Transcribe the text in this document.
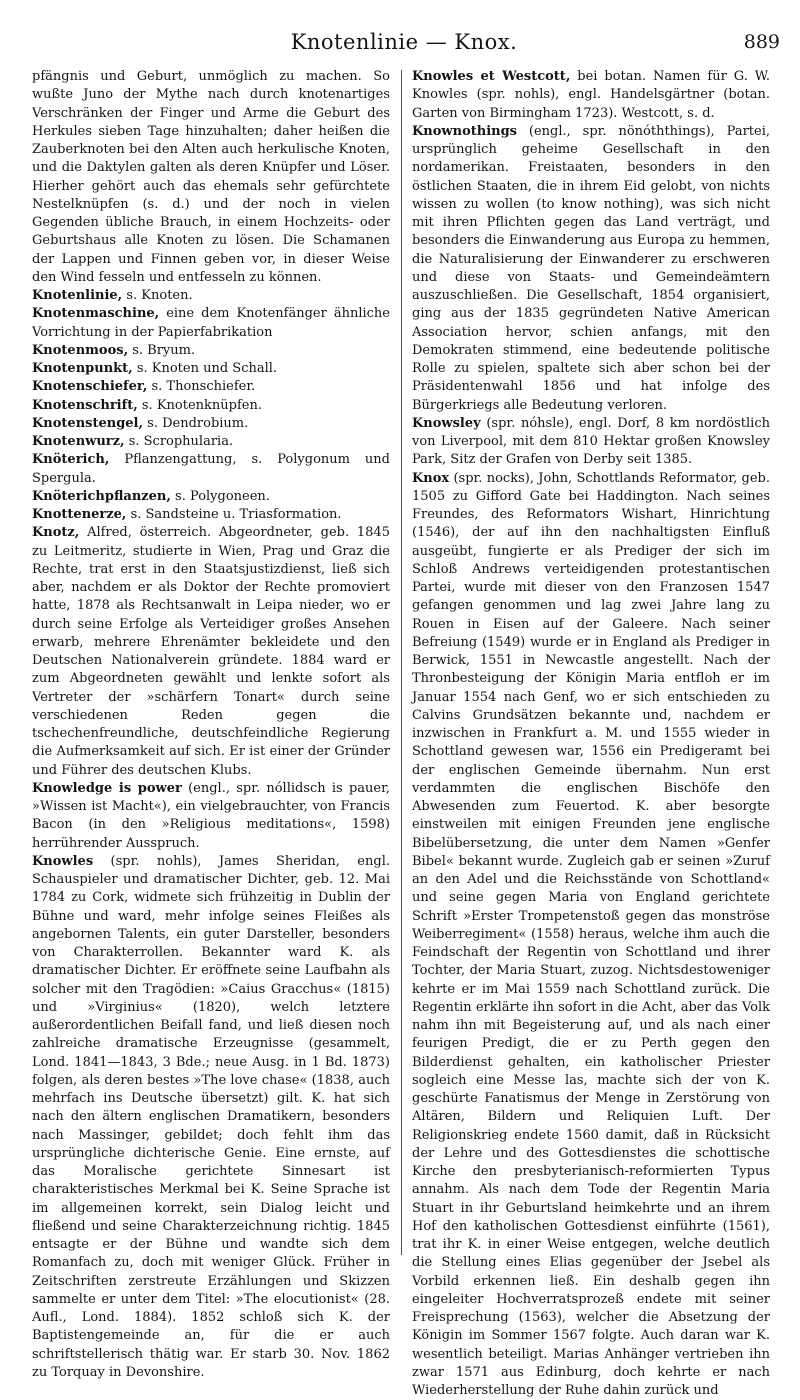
Knotenlinie — Knox.	889

pfängnis und Geburt, unmöglich zu machen. So wußte Juno der Mythe nach durch knotenartiges Verschränken der Finger und Arme die Geburt des Herkules sieben Tage hinzuhalten; daher heißen die Zauberknoten bei den Alten auch herkulische Knoten, und die Daktylen galten als deren Knüpfer und Löser. Hierher gehört auch das ehemals sehr gefürchtete Nestelknüpfen (s. d.) und der noch in vielen Gegenden übliche Brauch, in einem Hochzeits- oder Geburtshaus alle Knoten zu lösen. Die Schamanen der Lappen und Finnen geben vor, in dieser Weise den Wind fesseln und entfesseln zu können.

Knotenlinie, s. Knoten.

Knotenmaschine, eine dem Knotenfänger ähnliche Vorrichtung in der Papierfabrikation

Knotenmoos, s. Bryum.

Knotenpunkt, s. Knoten und Schall.

Knotenschiefer, s. Thonschiefer.

Knotenschrift, s. Knotenknüpfen.

Knotenstengel, s. Dendrobium.

Knotenwurz, s. Scrophularia.

Knöterich, Pflanzengattung, s. Polygonum und Spergula.

Knöterichpflanzen, s. Polygoneen.

Knottenerze, s. Sandsteine u. Triasformation.

Knotz, Alfred, österreich. Abgeordneter, geb. 1845 zu Leitmeritz, studierte in Wien, Prag und Graz die Rechte, trat erst in den Staatsjustizdienst, ließ sich aber, nachdem er als Doktor der Rechte promoviert hatte, 1878 als Rechtsanwalt in Leipa nieder, wo er durch seine Erfolge als Verteidiger großes Ansehen erwarb, mehrere Ehrenämter bekleidete und den Deutschen Nationalverein gründete. 1884 ward er zum Abgeordneten gewählt und lenkte sofort als Vertreter der »schärfern Tonart« durch seine verschiedenen Reden gegen die tschechenfreundliche, deutschfeindliche Regierung die Aufmerksamkeit auf sich. Er ist einer der Gründer und Führer des deutschen Klubs.

Knowledge is power (engl., spr. nóllidsch is pauer, »Wissen ist Macht«), ein vielgebrauchter, von Francis Bacon (in den »Religious meditations«, 1598) herrührender Ausspruch.

Knowles (spr. nohls), James Sheridan, engl. Schauspieler und dramatischer Dichter, geb. 12. Mai 1784 zu Cork, widmete sich frühzeitig in Dublin der Bühne und ward, mehr infolge seines Fleißes als angebornen Talents, ein guter Darsteller, besonders von Charakterrollen. Bekannter ward K. als dramatischer Dichter. Er eröffnete seine Laufbahn als solcher mit den Tragödien: »Caius Gracchus« (1815) und »Virginius« (1820), welch letztere außerordentlichen Beifall fand, und ließ diesen noch zahlreiche dramatische Erzeugnisse (gesammelt, Lond. 1841—1843, 3 Bde.; neue Ausg. in 1 Bd. 1873) folgen, als deren bestes »The love chase« (1838, auch mehrfach ins Deutsche übersetzt) gilt. K. hat sich nach den ältern englischen Dramatikern, besonders nach Massinger, gebildet; doch fehlt ihm das ursprüngliche dichterische Genie. Eine ernste, auf das Moralische gerichtete Sinnesart ist charakteristisches Merkmal bei K. Seine Sprache ist im allgemeinen korrekt, sein Dialog leicht und fließend und seine Charakterzeichnung richtig. 1845 entsagte er der Bühne und wandte sich dem Romanfach zu, doch mit weniger Glück. Früher in Zeitschriften zerstreute Erzählungen und Skizzen sammelte er unter dem Titel: »The elocutionist« (28. Aufl., Lond. 1884). 1852 schloß sich K. der Baptistengemeinde an, für die er auch schriftstellerisch thätig war. Er starb 30. Nov. 1862 zu Torquay in Devonshire.

Knowles et Westcott, bei botan. Namen für G. W. Knowles (spr. nohls), engl. Handelsgärtner (botan. Garten von Birmingham 1723). Westcott, s. d.

Knownothings (engl., spr. nönóththings), Partei, ursprünglich geheime Gesellschaft in den nordamerikan. Freistaaten, besonders in den östlichen Staaten, die in ihrem Eid gelobt, von nichts wissen zu wollen (to know nothing), was sich nicht mit ihren Pflichten gegen das Land verträgt, und besonders die Einwanderung aus Europa zu hemmen, die Naturalisierung der Einwanderer zu erschweren und diese von Staats- und Gemeindeämtern auszuschließen. Die Gesellschaft, 1854 organisiert, ging aus der 1835 gegründeten Native American Association hervor, schien anfangs, mit den Demokraten stimmend, eine bedeutende politische Rolle zu spielen, spaltete sich aber schon bei der Präsidentenwahl 1856 und hat infolge des Bürgerkriegs alle Bedeutung verloren.

Knowsley (spr. nóhsle), engl. Dorf, 8 km nordöstlich von Liverpool, mit dem 810 Hektar großen Knowsley Park, Sitz der Grafen von Derby seit 1385.

Knox (spr. nocks), John, Schottlands Reformator, geb. 1505 zu Gifford Gate bei Haddington. Nach seines Freundes, des Reformators Wishart, Hinrichtung (1546), der auf ihn den nachhaltigsten Einfluß ausgeübt, fungierte er als Prediger der sich im Schloß Andrews verteidigenden protestantischen Partei, wurde mit dieser von den Franzosen 1547 gefangen genommen und lag zwei Jahre lang zu Rouen in Eisen auf der Galeere. Nach seiner Befreiung (1549) wurde er in England als Prediger in Berwick, 1551 in Newcastle angestellt. Nach der Thronbesteigung der Königin Maria entfloh er im Januar 1554 nach Genf, wo er sich entschieden zu Calvins Grundsätzen bekannte und, nachdem er inzwischen in Frankfurt a. M. und 1555 wieder in Schottland gewesen war, 1556 ein Predigeramt bei der englischen Gemeinde übernahm. Nun erst verdammten die englischen Bischöfe den Abwesenden zum Feuertod. K. aber besorgte einstweilen mit einigen Freunden jene englische Bibelübersetzung, die unter dem Namen »Genfer Bibel« bekannt wurde. Zugleich gab er seinen »Zuruf an den Adel und die Reichsstände von Schottland« und seine gegen Maria von England gerichtete Schrift »Erster Trompetenstoß gegen das monströse Weiberregiment« (1558) heraus, welche ihm auch die Feindschaft der Regentin von Schottland und ihrer Tochter, der Maria Stuart, zuzog. Nichtsdestoweniger kehrte er im Mai 1559 nach Schottland zurück. Die Regentin erklärte ihn sofort in die Acht, aber das Volk nahm ihn mit Begeisterung auf, und als nach einer feurigen Predigt, die er zu Perth gegen den Bilderdienst gehalten, ein katholischer Priester sogleich eine Messe las, machte sich der von K. geschürte Fanatismus der Menge in Zerstörung von Altären, Bildern und Reliquien Luft. Der Religionskrieg endete 1560 damit, daß in Rücksicht der Lehre und des Gottesdienstes die schottische Kirche den presbyterianisch-reformierten Typus annahm. Als nach dem Tode der Regentin Maria Stuart in ihr Geburtsland heimkehrte und an ihrem Hof den katholischen Gottesdienst einführte (1561), trat ihr K. in einer Weise entgegen, welche deutlich die Stellung eines Elias gegenüber der Jsebel als Vorbild erkennen ließ. Ein deshalb gegen ihn eingeleiter Hochverratsprozeß endete mit seiner Freisprechung (1563), welcher die Absetzung der Königin im Sommer 1567 folgte. Auch daran war K. wesentlich beteiligt. Marias Anhänger vertrieben ihn zwar 1571 aus Edinburg, doch kehrte er nach Wiederherstellung der Ruhe dahin zurück und
